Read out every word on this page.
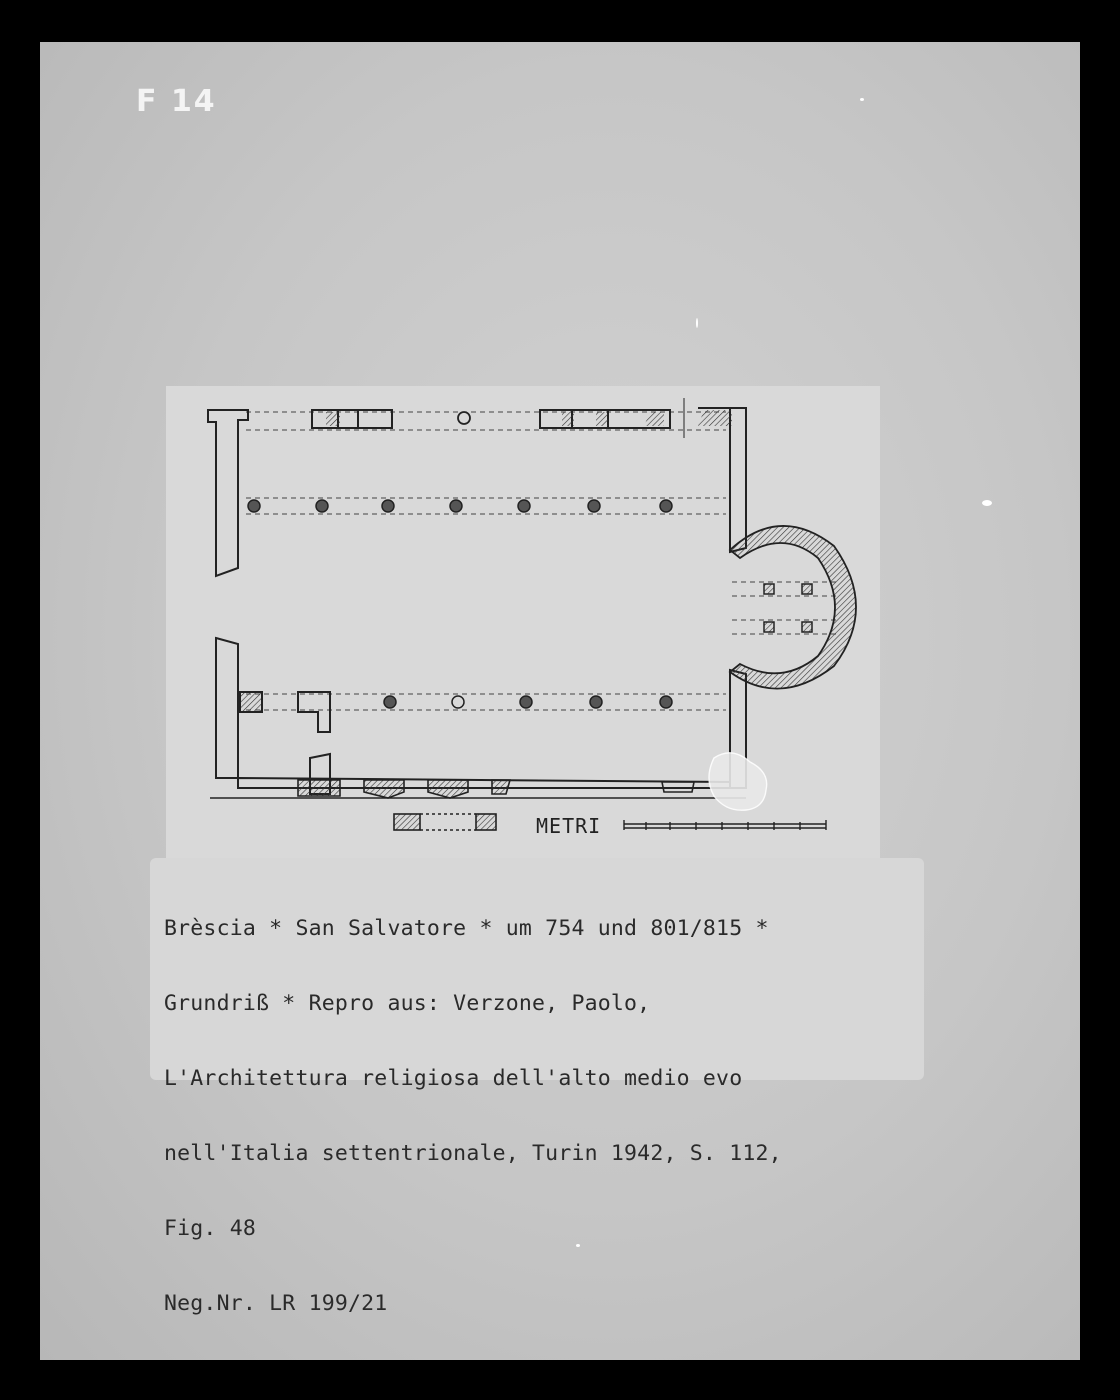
F 14
METRI

Brèscia * San Salvatore * um 754 und 801/815 *

Grundriß * Repro aus: Verzone, Paolo,

L'Architettura religiosa dell'alto medio evo

nell'Italia settentrionale, Turin 1942, S. 112,

Fig. 48

Neg.Nr. LR 199/21
